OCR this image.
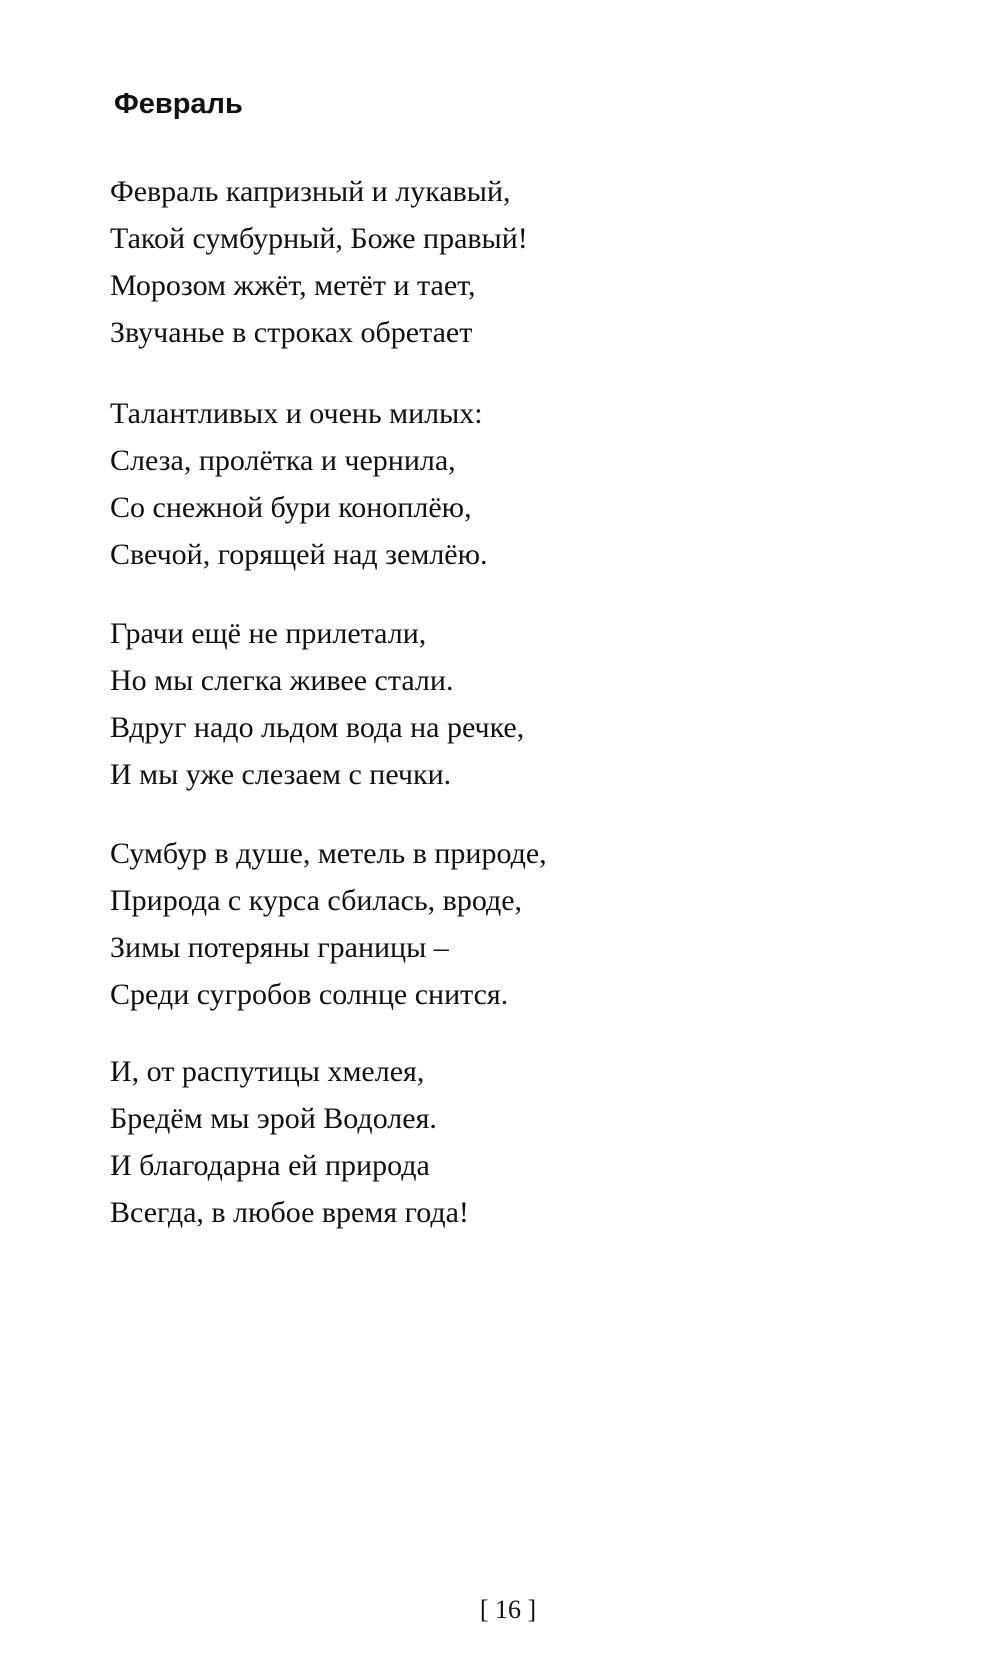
Февраль
Февраль капризный и лукавый,
Такой сумбурный, Боже правый!
Морозом жжёт, метёт и тает,
Звучанье в строках обретает
Талантливых и очень милых:
Слеза, пролётка и чернила,
Со снежной бури коноплёю,
Свечой, горящей над землёю.
Грачи ещё не прилетали,
Но мы слегка живее стали.
Вдруг надо льдом вода на речке,
И мы уже слезаем с печки.
Сумбур в душе, метель в природе,
Природа с курса сбилась, вроде,
Зимы потеряны границы –
Среди сугробов солнце снится.
И, от распутицы хмелея,
Бредём мы эрой Водолея.
И благодарна ей природа
Всегда, в любое время года!
[ 16 ]
